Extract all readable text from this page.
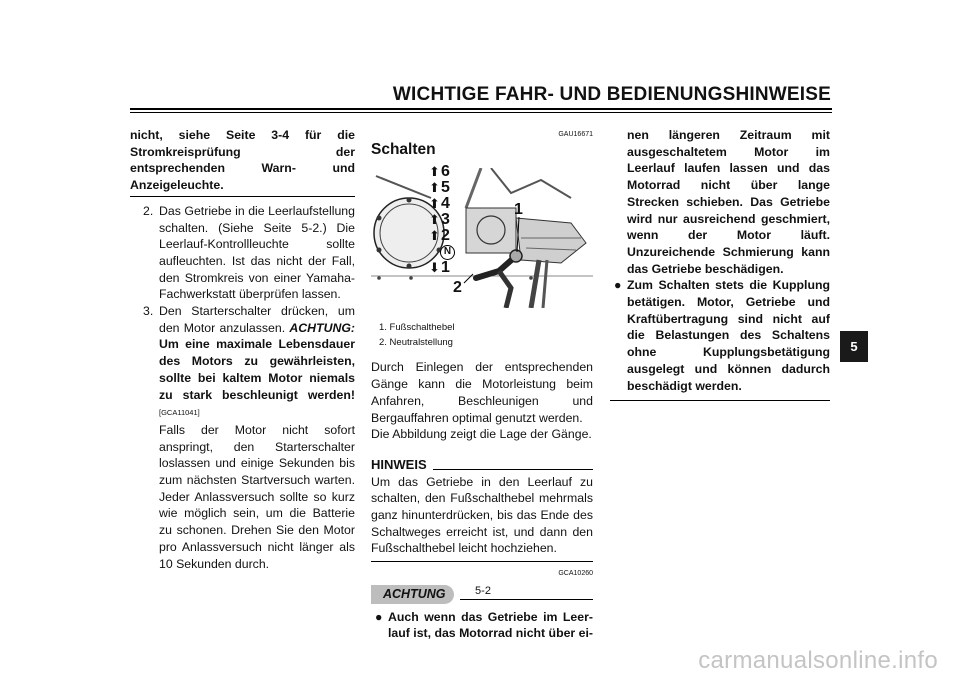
WICHTIGE FAHR- UND BEDIENUNGSHINWEISE
5
nicht, siehe Seite 3-4 für die Stromkreisprüfung der entsprechenden Warn- und Anzeigeleuchte.
2. Das Getriebe in die Leerlaufstellung schalten. (Siehe Seite 5-2.) Die Leerlauf-Kontrollleuchte sollte aufleuchten. Ist das nicht der Fall, den Stromkreis von einer Yamaha-Fachwerkstatt überprüfen lassen.
3. Den Starterschalter drücken, um den Motor anzulassen. ACHTUNG: Um eine maximale Lebensdauer des Motors zu gewährleisten, sollte bei kaltem Motor niemals zu stark beschleunigt werden![GCA11041]
Falls der Motor nicht sofort anspringt, den Starterschalter loslassen und einige Sekunden bis zum nächsten Startversuch warten. Jeder Anlassversuch sollte so kurz wie möglich sein, um die Batterie zu schonen. Drehen Sie den Motor pro Anlassversuch nicht länger als 10 Sekunden durch.
GAU16671
Schalten
⬆ 6
⬆ 5
⬆ 4
⬆ 3
⬆ 2
N
⬇ 1
1
2
1. Fußschalthebel
2. Neutralstellung
Durch Einlegen der entsprechenden Gänge kann die Motorleistung beim Anfahren, Beschleunigen und Bergauffahren optimal genutzt werden.
Die Abbildung zeigt die Lage der Gänge.
HINWEIS
Um das Getriebe in den Leerlauf zu schalten, den Fußschalthebel mehrmals ganz hinunterdrücken, bis das Ende des Schaltweges erreicht ist, und dann den Fußschalthebel leicht hochziehen.
GCA10260
ACHTUNG
● Auch wenn das Getriebe im Leerlauf ist, das Motorrad nicht über ei-
nen längeren Zeitraum mit ausgeschaltetem Motor im Leerlauf laufen lassen und das Motorrad nicht über lange Strecken schieben. Das Getriebe wird nur ausreichend geschmiert, wenn der Motor läuft. Unzureichende Schmierung kann das Getriebe beschädigen.
● Zum Schalten stets die Kupplung betätigen. Motor, Getriebe und Kraftübertragung sind nicht auf die Belastungen des Schaltens ohne Kupplungsbetätigung ausgelegt und können dadurch beschädigt werden.
5-2
carmanualsonline.info
